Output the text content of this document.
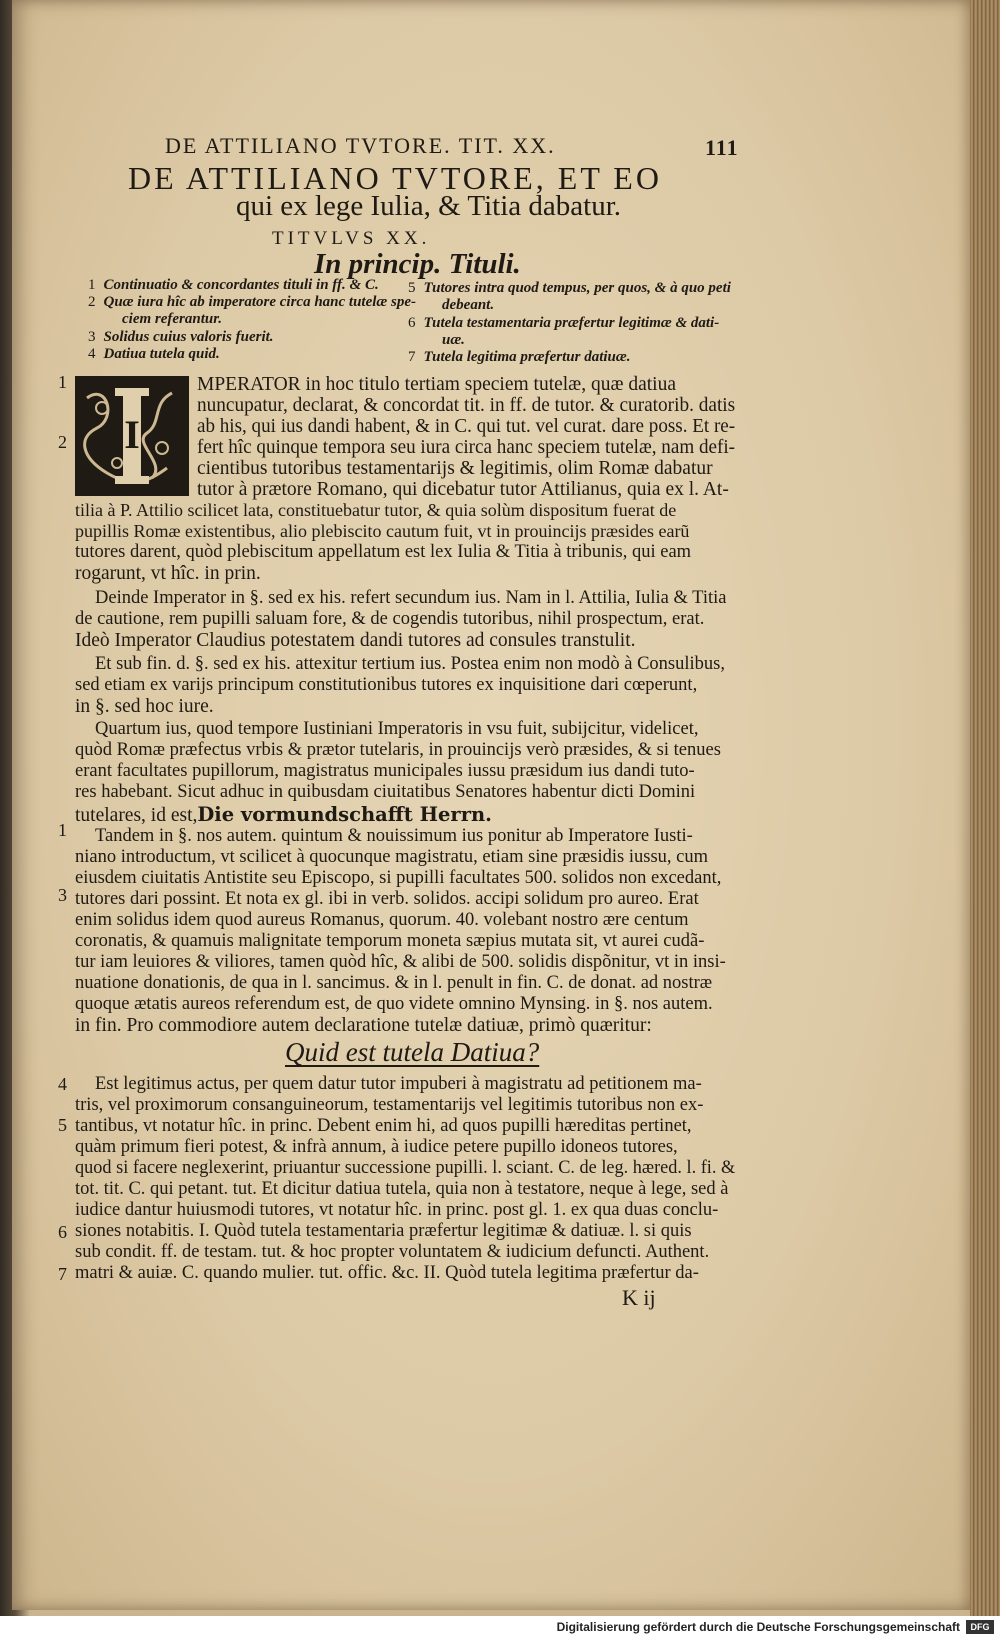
DE ATTILIANO TVTORE. TIT. XX.	111
DE ATTILIANO TVTORE, ET EO
qui ex lege Iulia, & Titia dabatur.
TITVLVS XX.
In princip. Tituli.
1 Continuatio & concordantes tituli in ff. & C.
2 Quæ iura hîc ab imperatore circa hanc tutelæ spe-
ciem referantur.
3 Solidus cuius valoris fuerit.
4 Datiua tutela quid.
5 Tutores intra quod tempus, per quos, & à quo peti
debeant.
6 Tutela testamentaria præfertur legitimæ & dati-
uæ.
7 Tutela legitima præfertur datiuæ.
I
1
2
1
3
4
5
6
7
MPERATOR in hoc titulo tertiam speciem tutelæ, quæ datiua
nuncupatur, declarat, & concordat tit. in ff. de tutor. & curatorib. datis
ab his, qui ius dandi habent, & in C. qui tut. vel curat. dare poss. Et re-
fert hîc quinque tempora seu iura circa hanc speciem tutelæ, nam defi-
cientibus tutoribus testamentarijs & legitimis, olim Romæ dabatur
tutor à prætore Romano, qui dicebatur tutor Attilianus, quia ex l. At-
tilia à P. Attilio scilicet lata, constituebatur tutor, & quia solùm dispositum fuerat de
pupillis Romæ existentibus, alio plebiscito cautum fuit, vt in prouincijs præsides earũ
tutores darent, quòd plebiscitum appellatum est lex Iulia & Titia à tribunis, qui eam
rogarunt, vt hîc. in prin.
Deinde Imperator in §. sed ex his. refert secundum ius. Nam in l. Attilia, Iulia & Titia
de cautione, rem pupilli saluam fore, & de cogendis tutoribus, nihil prospectum, erat.
Ideò Imperator Claudius potestatem dandi tutores ad consules transtulit.
Et sub fin. d. §. sed ex his. attexitur tertium ius. Postea enim non modò à Consulibus,
sed etiam ex varijs principum constitutionibus tutores ex inquisitione dari cœperunt,
in §. sed hoc iure.
Quartum ius, quod tempore Iustiniani Imperatoris in vsu fuit, subijcitur, videlicet,
quòd Romæ præfectus vrbis & prætor tutelaris, in prouincijs verò præsides, & si tenues
erant facultates pupillorum, magistratus municipales iussu præsidum ius dandi tuto-
res habebant. Sicut adhuc in quibusdam ciuitatibus Senatores habentur dicti Domini
tutelares, id est,Die vormundschafft Herrn.
Tandem in §. nos autem. quintum & nouissimum ius ponitur ab Imperatore Iusti-
niano introductum, vt scilicet à quocunque magistratu, etiam sine præsidis iussu, cum
eiusdem ciuitatis Antistite seu Episcopo, si pupilli facultates 500. solidos non excedant,
tutores dari possint. Et nota ex gl. ibi in verb. solidos. accipi solidum pro aureo. Erat
enim solidus idem quod aureus Romanus, quorum. 40. volebant nostro ære centum
coronatis, & quamuis malignitate temporum moneta sæpius mutata sit, vt aurei cudã-
tur iam leuiores & viliores, tamen quòd hîc, & alibi de 500. solidis dispõnitur, vt in insi-
nuatione donationis, de qua in l. sancimus. & in l. penult in fin. C. de donat. ad nostræ
quoque ætatis aureos referendum est, de quo videte omnino Mynsing. in §. nos autem.
in fin. Pro commodiore autem declaratione tutelæ datiuæ, primò quæritur:
Quid est tutela Datiua?
Est legitimus actus, per quem datur tutor impuberi à magistratu ad petitionem ma-
tris, vel proximorum consanguineorum, testamentarijs vel legitimis tutoribus non ex-
tantibus, vt notatur hîc. in princ. Debent enim hi, ad quos pupilli hæreditas pertinet,
quàm primum fieri potest, & infrà annum, à iudice petere pupillo idoneos tutores,
quod si facere neglexerint, priuantur successione pupilli. l. sciant. C. de leg. hæred. l. fi. &
tot. tit. C. qui petant. tut. Et dicitur datiua tutela, quia non à testatore, neque à lege, sed à
iudice dantur huiusmodi tutores, vt notatur hîc. in princ. post gl. 1. ex qua duas conclu-
siones notabitis. I. Quòd tutela testamentaria præfertur legitimæ & datiuæ. l. si quis
sub condit. ff. de testam. tut. & hoc propter voluntatem & iudicium defuncti. Authent.
matri & auiæ. C. quando mulier. tut. offic. &c. II. Quòd tutela legitima præfertur da-
K ij
Digitalisierung gefördert durch die Deutsche Forschungsgemeinschaft	DFG
